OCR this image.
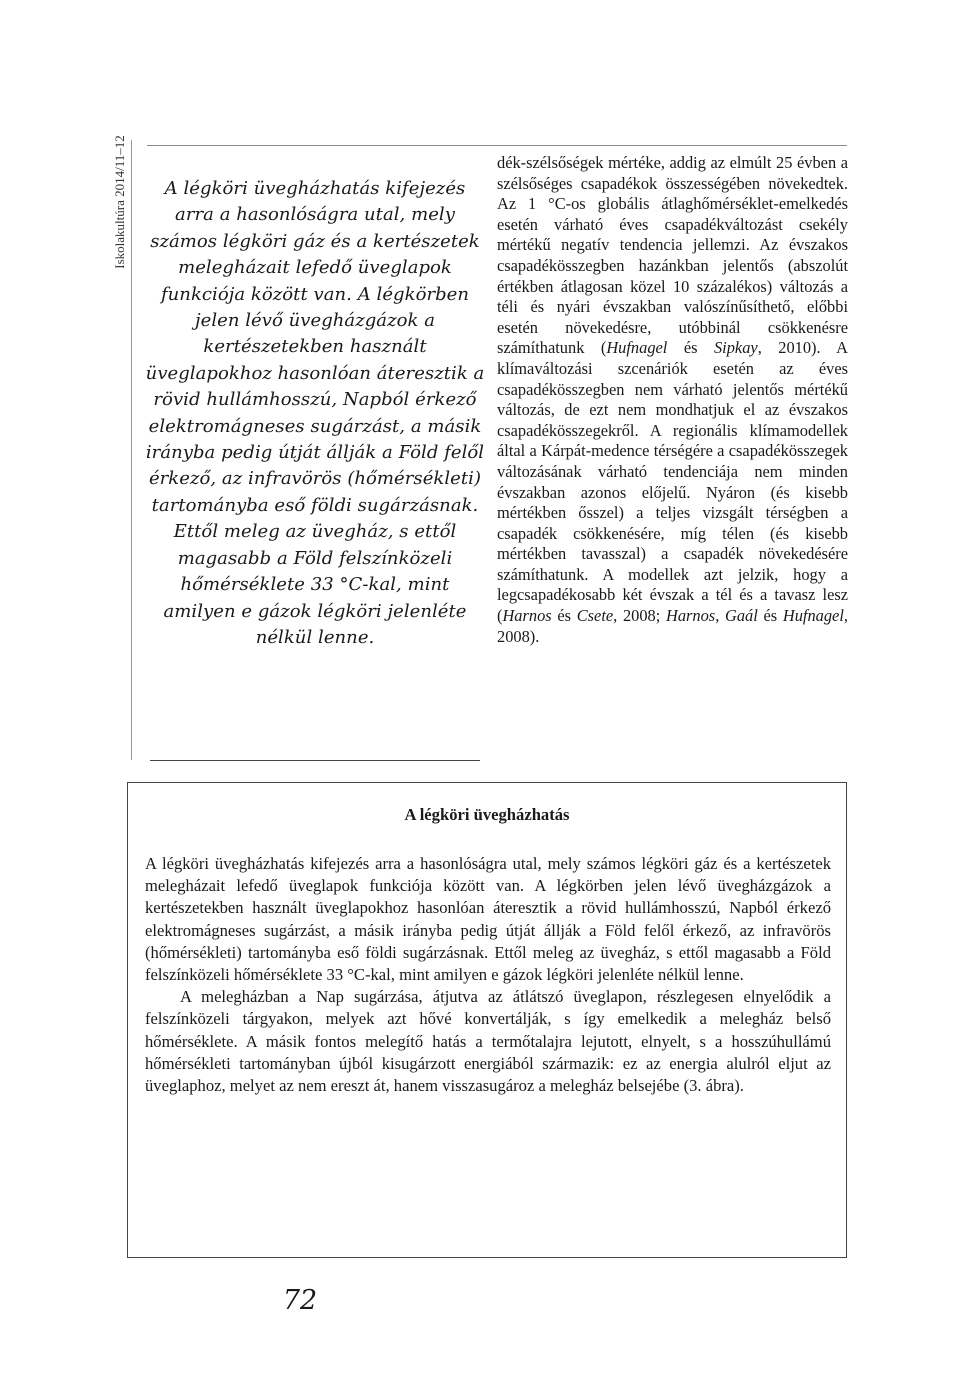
Iskolakultúra 2014/11–12	A légköri üvegházhatás kifejezés arra a hasonlóságra utal, mely számos légköri gáz és a kertészetek melegházait lefedő üveglapok funkciója között van. A légkörben jelen lévő üvegházgázok a kertészetekben használt üveglapokhoz hasonlóan áteresztik a rövid hullámhosszú, Napból érkező elektromágneses sugárzást, a másik irányba pedig útját állják a Föld felől érkező, az infravörös (hőmérsékleti) tartományba eső földi sugárzásnak. Ettől meleg az üvegház, s ettől magasabb a Föld felszínközeli hőmérséklete 33 °C-kal, mint amilyen e gázok légköri jelenléte nélkül lenne.

dék-szélsőségek mértéke, addig az elmúlt 25 évben a szélsőséges csapadékok összességében növekedtek. Az 1 °C-os globális átlaghőmérséklet-emelkedés esetén várható éves csapadékváltozást csekély mértékű negatív tendencia jellemzi. Az évszakos csapadékösszegben hazánkban jelentős (abszolút értékben átlagosan közel 10 százalékos) változás a téli és nyári évszakban valószínűsíthető, előbbi esetén növekedésre, utóbbinál csökkenésre számíthatunk (Hufnagel és Sipkay, 2010). A klímaváltozási szcenáriók esetén az éves csapadékösszegben nem várható jelentős mértékű változás, de ezt nem mondhatjuk el az évszakos csapadékösszegekről. A regionális klímamodellek által a Kárpát-medence térségére a csapadékösszegek változásának várható tendenciája nem minden évszakban azonos előjelű. Nyáron (és kisebb mértékben ősszel) a teljes vizsgált térségben a csapadék csökkenésére, míg télen (és kisebb mértékben tavasszal) a csapadék növekedésére számíthatunk. A modellek azt jelzik, hogy a legcsapadékosabb két évszak a tél és a tavasz lesz (Harnos és Csete, 2008; Harnos, Gaál és Hufnagel, 2008).

A légköri üvegházhatás

A légköri üvegházhatás kifejezés arra a hasonlóságra utal, mely számos légköri gáz és a kertészetek melegházait lefedő üveglapok funkciója között van. A légkörben jelen lévő üvegházgázok a kertészetekben használt üveglapokhoz hasonlóan áteresztik a rövid hullámhosszú, Napból érkező elektromágneses sugárzást, a másik irányba pedig útját állják a Föld felől érkező, az infravörös (hőmérsékleti) tartományba eső földi sugárzásnak. Ettől meleg az üvegház, s ettől magasabb a Föld felszínközeli hőmérséklete 33 °C-kal, mint amilyen e gázok légköri jelenléte nélkül lenne.

A melegházban a Nap sugárzása, átjutva az átlátszó üveglapon, részlegesen elnyelődik a felszínközeli tárgyakon, melyek azt hővé konvertálják, s így emelkedik a melegház belső hőmérséklete. A másik fontos melegítő hatás a termőtalajra lejutott, elnyelt, s a hosszúhullámú hőmérsékleti tartományban újból kisugárzott energiából származik: ez az energia alulról eljut az üveglaphoz, melyet az nem ereszt át, hanem visszasugároz a melegház belsejébe (3. ábra).

72
